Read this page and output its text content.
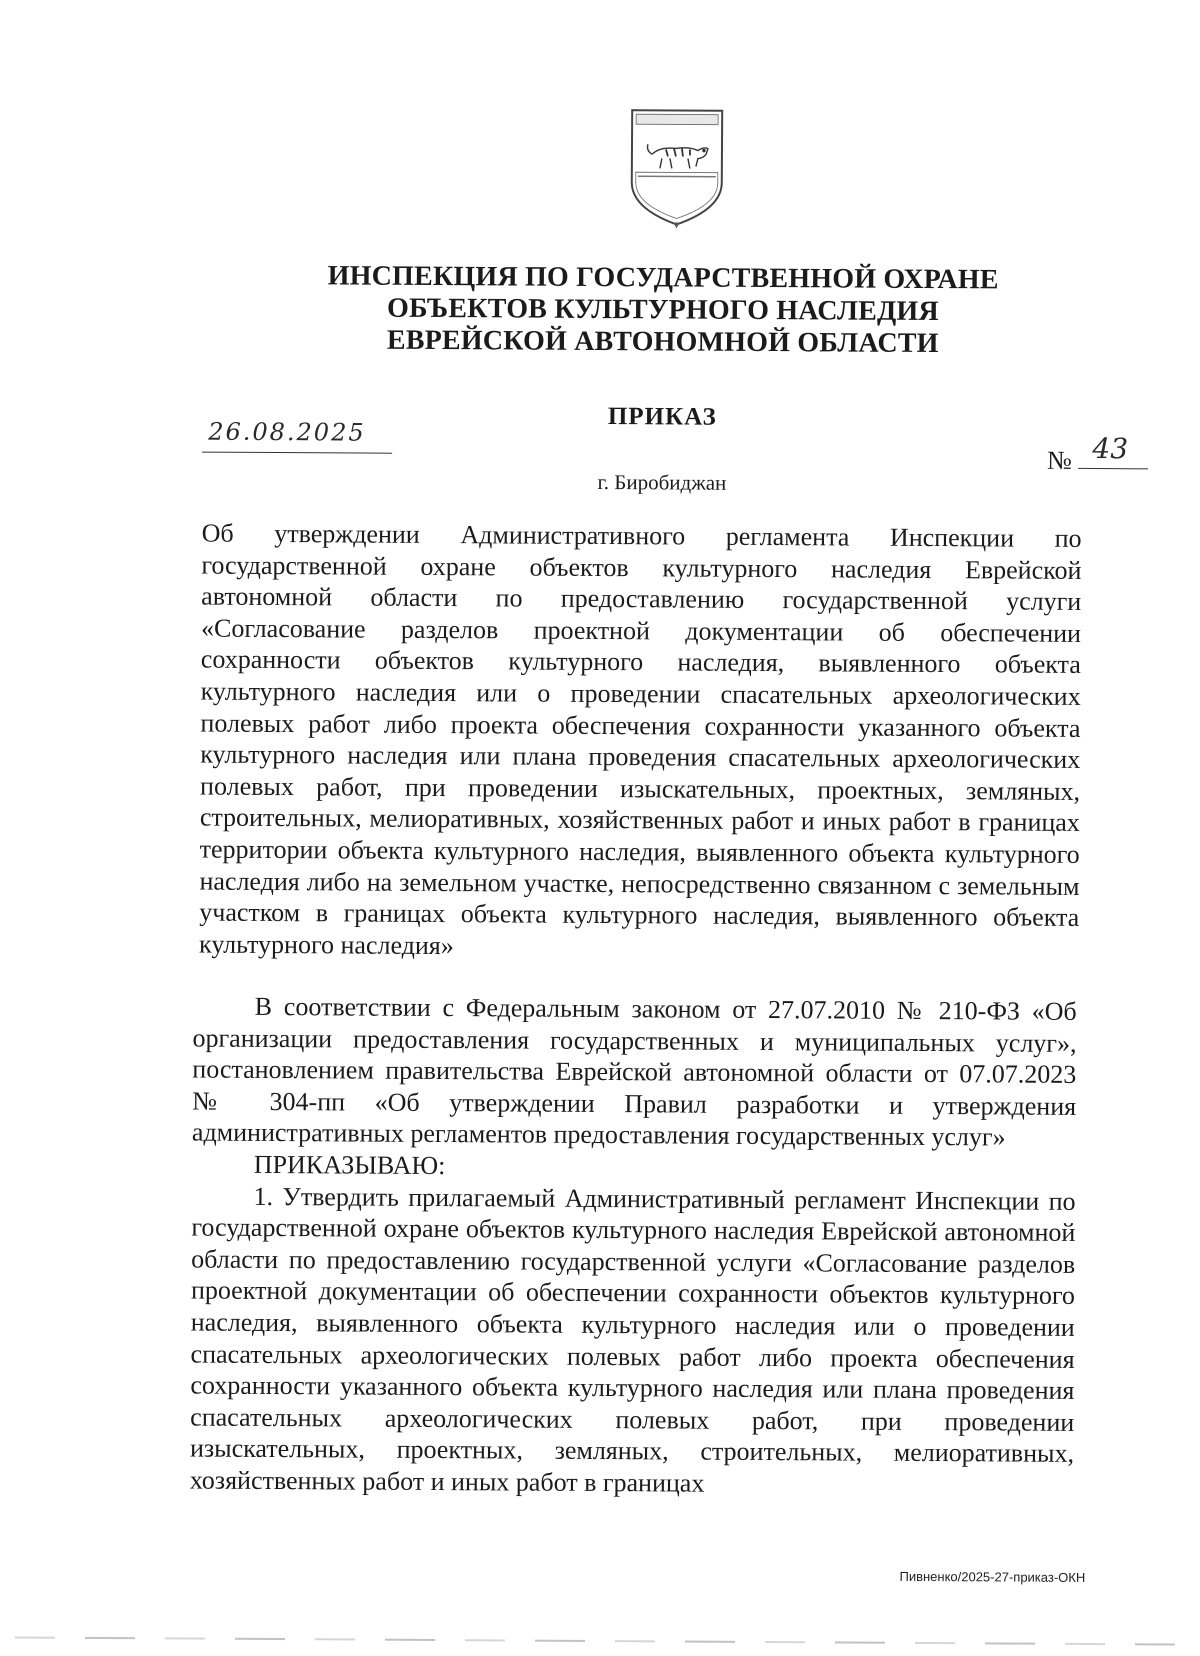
ИНСПЕКЦИЯ ПО ГОСУДАРСТВЕННОЙ ОХРАНЕ
ОБЪЕКТОВ КУЛЬТУРНОГО НАСЛЕДИЯ
ЕВРЕЙСКОЙ АВТОНОМНОЙ ОБЛАСТИ
ПРИКАЗ
26.08.2025
№ 43
г. Биробиджан
Об утверждении Административного регламента Инспекции по
государственной охране объектов культурного наследия Еврейской
автономной области по предоставлению государственной услуги
«Согласование разделов проектной документации об обеспечении
сохранности объектов культурного наследия, выявленного объекта
культурного наследия или о проведении спасательных археологических
полевых работ либо проекта обеспечения сохранности указанного объекта
культурного наследия или плана проведения спасательных археологических
полевых работ, при проведении изыскательных, проектных, земляных,
строительных, мелиоративных, хозяйственных работ и иных работ в границах
территории объекта культурного наследия, выявленного объекта культурного
наследия либо на земельном участке, непосредственно связанном с земельным
участком в границах объекта культурного наследия, выявленного объекта
культурного наследия»

В соответствии с Федеральным законом от 27.07.2010 № 210-ФЗ «Об организации предоставления государственных и муниципальных услуг», постановлением правительства Еврейской автономной области от 07.07.2023 № 304-пп «Об утверждении Правил разработки и утверждения административных регламентов предоставления государственных услуг»

ПРИКАЗЫВАЮ:

1. Утвердить прилагаемый Административный регламент Инспекции по государственной охране объектов культурного наследия Еврейской автономной области по предоставлению государственной услуги «Согласование разделов проектной документации об обеспечении сохранности объектов культурного наследия, выявленного объекта культурного наследия или о проведении спасательных археологических полевых работ либо проекта обеспечения сохранности указанного объекта культурного наследия или плана проведения спасательных археологических полевых работ, при проведении изыскательных, проектных, земляных, строительных, мелиоративных, хозяйственных работ и иных работ в границах

Пивненко/2025-27-приказ-ОКН
